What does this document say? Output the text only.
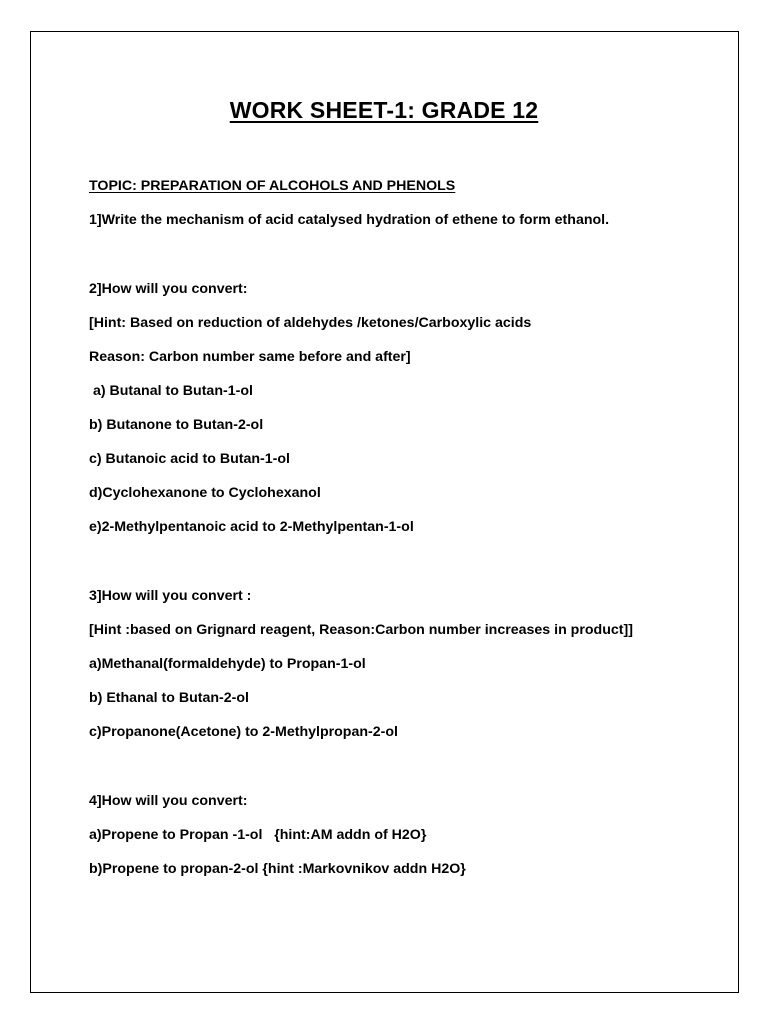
WORK SHEET-1: GRADE 12
TOPIC: PREPARATION OF ALCOHOLS AND PHENOLS
1]Write the mechanism of acid catalysed hydration of ethene to form ethanol.
2]How will you convert:
[Hint: Based on reduction of aldehydes /ketones/Carboxylic acids
Reason: Carbon number same before and after]
a) Butanal to Butan-1-ol
b) Butanone to Butan-2-ol
c) Butanoic acid to Butan-1-ol
d)Cyclohexanone to Cyclohexanol
e)2-Methylpentanoic acid to 2-Methylpentan-1-ol
3]How will you convert :
[Hint :based on Grignard reagent, Reason:Carbon number increases in product]]
a)Methanal(formaldehyde) to Propan-1-ol
b) Ethanal to Butan-2-ol
c)Propanone(Acetone) to 2-Methylpropan-2-ol
4]How will you convert:
a)Propene to Propan -1-ol   {hint:AM addn of H2O}
b)Propene to propan-2-ol {hint :Markovnikov addn H2O}
